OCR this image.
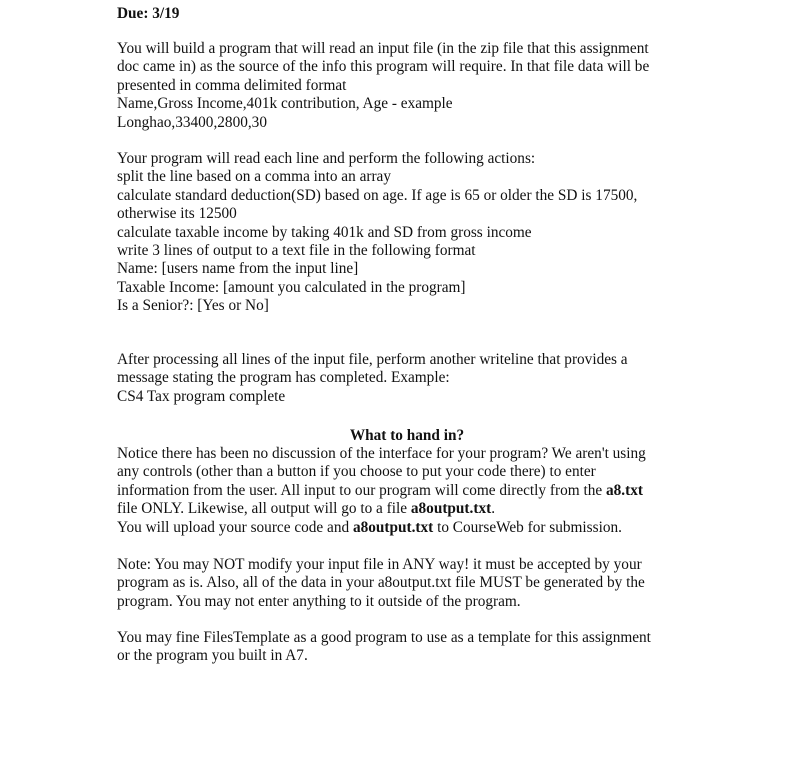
Due: 3/19
You will build a program that will read an input file (in the zip file that this assignment
doc came in) as the source of the info this program will require. In that file data will be
presented in comma delimited format
Name,Gross Income,401k contribution, Age - example
Longhao,33400,2800,30
Your program will read each line and perform the following actions:
split the line based on a comma into an array
calculate standard deduction(SD) based on age. If age is 65 or older the SD is 17500,
otherwise its 12500
calculate taxable income by taking 401k and SD from gross income
write 3 lines of output to a text file in the following format
Name: [users name from the input line]
Taxable Income: [amount you calculated in the program]
Is a Senior?: [Yes or No]
After processing all lines of the input file, perform another writeline that provides a
message stating the program has completed. Example:
CS4 Tax program complete
What to hand in?
Notice there has been no discussion of the interface for your program? We aren't using
any controls (other than a button if you choose to put your code there) to enter
information from the user. All input to our program will come directly from the a8.txt
file ONLY. Likewise, all output will go to a file a8output.txt.
You will upload your source code and a8output.txt to CourseWeb for submission.
Note: You may NOT modify your input file in ANY way! it must be accepted by your
program as is. Also, all of the data in your a8output.txt file MUST be generated by the
program. You may not enter anything to it outside of the program.
You may fine FilesTemplate as a good program to use as a template for this assignment
or the program you built in A7.
